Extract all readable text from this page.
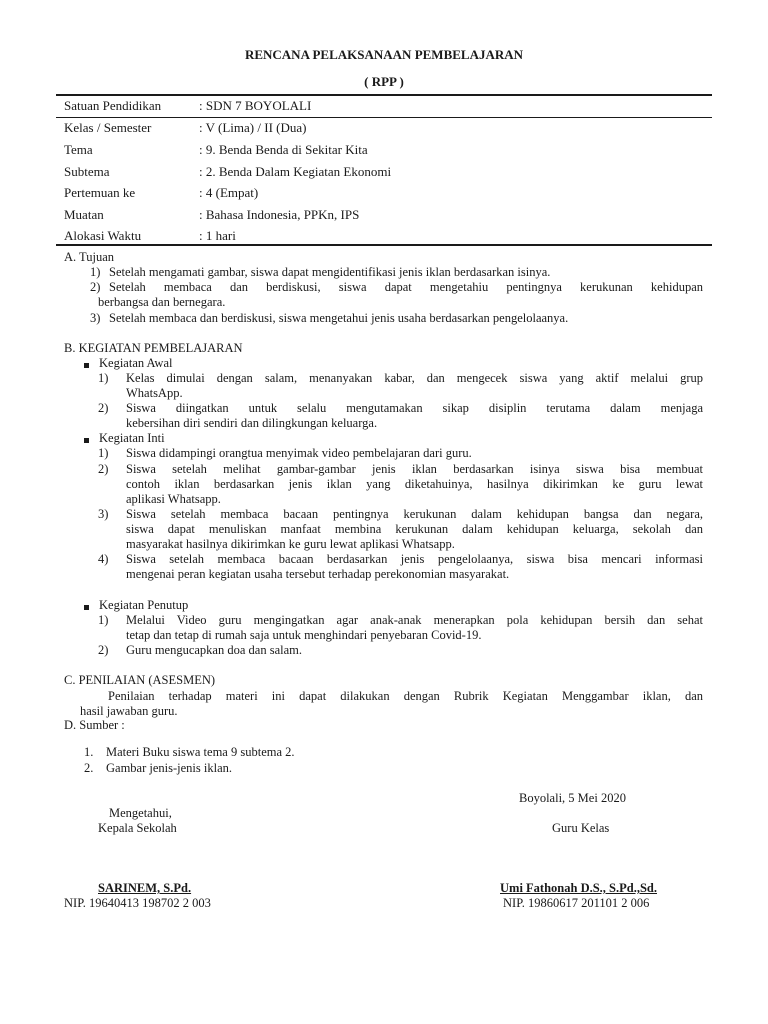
RENCANA PELAKSANAAN PEMBELAJARAN
( RPP )
Satuan Pendidikan	: SDN 7 BOYOLALI
Kelas / Semester	: V (Lima) / II (Dua)
Tema	: 9. Benda Benda di Sekitar Kita
Subtema	: 2. Benda Dalam Kegiatan Ekonomi
Pertemuan ke	: 4 (Empat)
Muatan	: Bahasa Indonesia, PPKn, IPS
Alokasi Waktu	: 1 hari
A. Tujuan
1) Setelah mengamati gambar, siswa dapat mengidentifikasi jenis iklan berdasarkan isinya.
2) Setelah membaca dan berdiskusi, siswa dapat mengetahiu pentingnya kerukunan kehidupan
berbangsa dan bernegara.
3) Setelah membaca dan berdiskusi, siswa mengetahui jenis usaha berdasarkan pengelolaanya.
B. KEGIATAN PEMBELAJARAN
Kegiatan Awal
1) Kelas dimulai dengan salam, menanyakan kabar, dan mengecek siswa yang aktif melalui grup
WhatsApp.
2) Siswa diingatkan untuk selalu mengutamakan sikap disiplin terutama dalam menjaga
kebersihan diri sendiri dan dilingkungan keluarga.
Kegiatan Inti
1) Siswa didampingi orangtua menyimak video pembelajaran dari guru.
2) Siswa setelah melihat gambar-gambar jenis iklan berdasarkan isinya siswa bisa membuat
contoh iklan berdasarkan jenis iklan yang diketahuinya, hasilnya dikirimkan ke guru lewat
aplikasi Whatsapp.
3) Siswa setelah membaca bacaan pentingnya kerukunan dalam kehidupan bangsa dan negara,
siswa dapat menuliskan manfaat membina kerukunan dalam kehidupan keluarga, sekolah dan
masyarakat hasilnya dikirimkan ke guru lewat aplikasi Whatsapp.
4) Siswa setelah membaca bacaan berdasarkan jenis pengelolaanya, siswa bisa mencari informasi
mengenai peran kegiatan usaha tersebut terhadap perekonomian masyarakat.
Kegiatan Penutup
1) Melalui Video guru mengingatkan agar anak-anak menerapkan pola kehidupan bersih dan sehat
tetap dan tetap di rumah saja untuk menghindari penyebaran Covid-19.
2) Guru mengucapkan doa dan salam.
C. PENILAIAN (ASESMEN)
Penilaian terhadap materi ini dapat dilakukan dengan Rubrik Kegiatan Menggambar iklan, dan
hasil jawaban guru.
D. Sumber :
1. Materi Buku siswa tema 9 subtema 2.
2. Gambar jenis-jenis iklan.
Boyolali, 5 Mei 2020
Mengetahui,
Kepala Sekolah	Guru Kelas
SARINEM, S.Pd.	Umi Fathonah D.S., S.Pd.,Sd.
NIP. 19640413 198702 2 003	NIP. 19860617 201101 2 006
